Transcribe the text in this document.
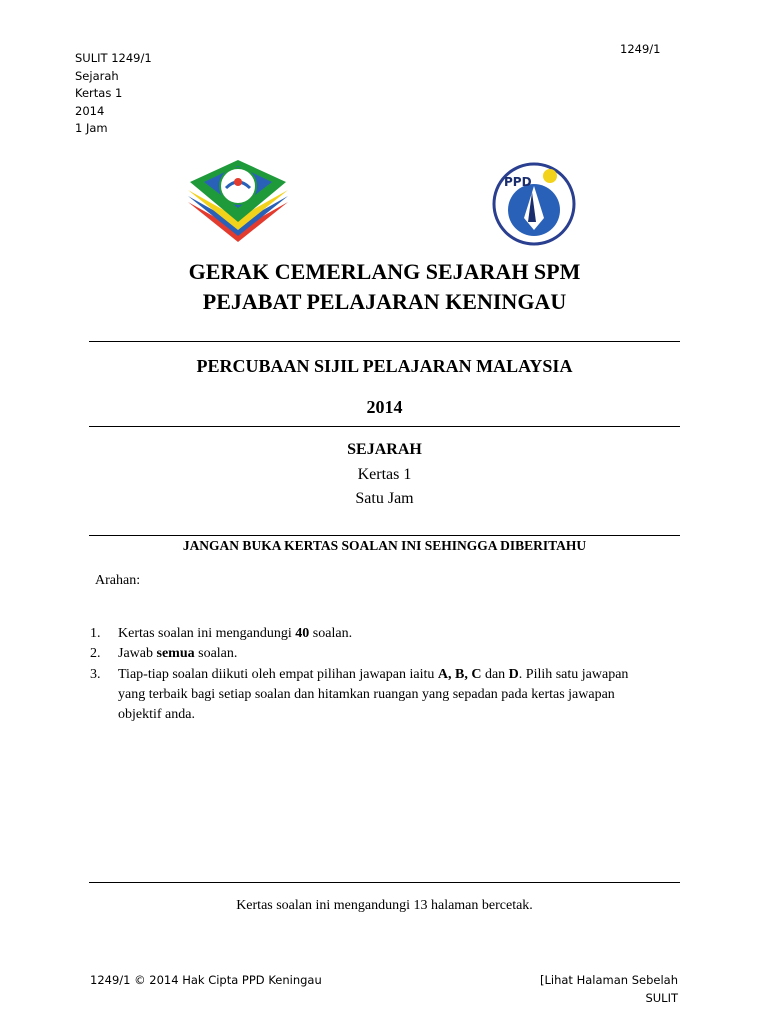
SULIT 1249/1
Sejarah
Kertas 1
2014
1 Jam
1249/1
PPD
GERAK CEMERLANG SEJARAH SPM
PEJABAT PELAJARAN KENINGAU
PERCUBAAN SIJIL PELAJARAN MALAYSIA
2014
SEJARAH
Kertas 1
Satu Jam
JANGAN BUKA KERTAS SOALAN INI SEHINGGA DIBERITAHU
Arahan:
1. Kertas soalan ini mengandungi 40 soalan.
2. Jawab semua soalan.
3. Tiap-tiap soalan diikuti oleh empat pilihan jawapan iaitu A, B, C dan D. Pilih satu jawapan
yang terbaik bagi setiap soalan dan hitamkan ruangan yang sepadan pada kertas jawapan
objektif anda.
Kertas soalan ini mengandungi 13 halaman bercetak.
1249/1 © 2014 Hak Cipta PPD Keningau	[Lihat Halaman Sebelah
SULIT
